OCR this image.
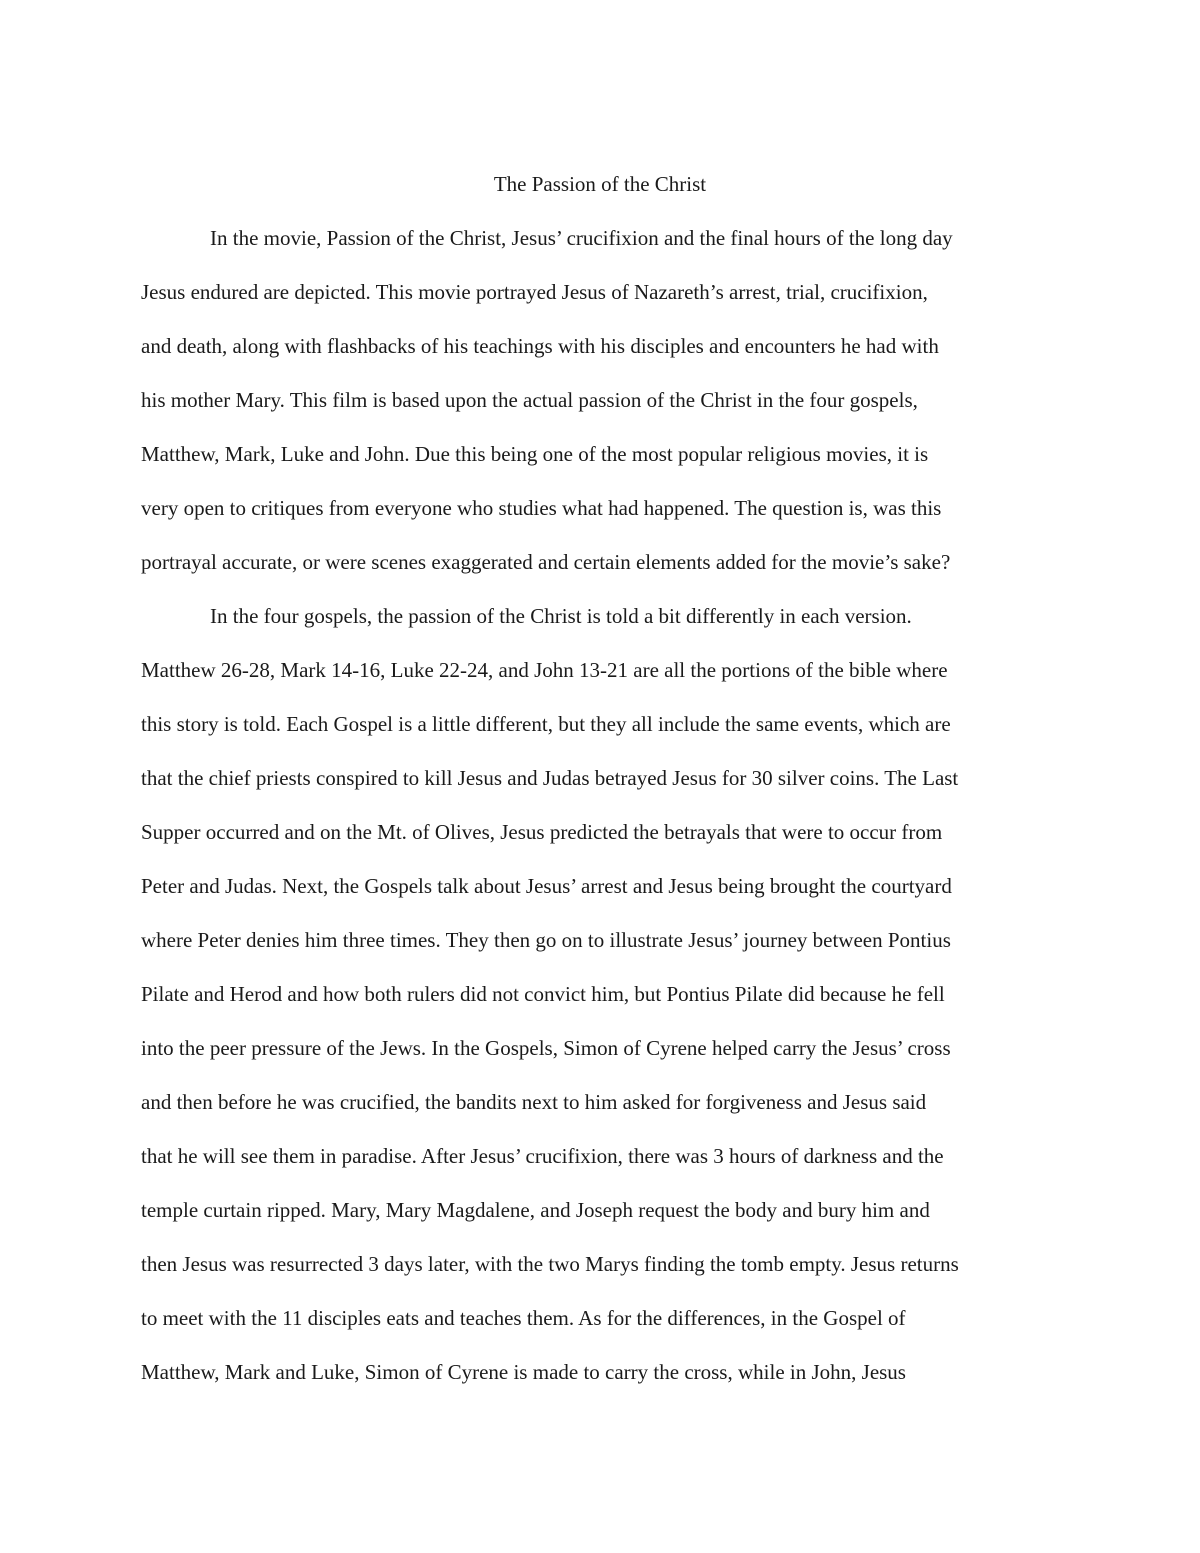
The Passion of the Christ

In the movie, Passion of the Christ, Jesus’ crucifixion and the final hours of the long day

Jesus endured are depicted. This movie portrayed Jesus of Nazareth’s arrest, trial, crucifixion,

and death, along with flashbacks of his teachings with his disciples and encounters he had with

his mother Mary. This film is based upon the actual passion of the Christ in the four gospels,

Matthew, Mark, Luke and John. Due this being one of the most popular religious movies, it is

very open to critiques from everyone who studies what had happened. The question is, was this

portrayal accurate, or were scenes exaggerated and certain elements added for the movie’s sake?

In the four gospels, the passion of the Christ is told a bit differently in each version.

Matthew 26-28, Mark 14-16, Luke 22-24, and John 13-21 are all the portions of the bible where

this story is told. Each Gospel is a little different, but they all include the same events, which are

that the chief priests conspired to kill Jesus and Judas betrayed Jesus for 30 silver coins. The Last

Supper occurred and on the Mt. of Olives, Jesus predicted the betrayals that were to occur from

Peter and Judas. Next, the Gospels talk about Jesus’ arrest and Jesus being brought the courtyard

where Peter denies him three times. They then go on to illustrate Jesus’ journey between Pontius

Pilate and Herod and how both rulers did not convict him, but Pontius Pilate did because he fell

into the peer pressure of the Jews. In the Gospels, Simon of Cyrene helped carry the Jesus’ cross

and then before he was crucified, the bandits next to him asked for forgiveness and Jesus said

that he will see them in paradise. After Jesus’ crucifixion, there was 3 hours of darkness and the

temple curtain ripped. Mary, Mary Magdalene, and Joseph request the body and bury him and

then Jesus was resurrected 3 days later, with the two Marys finding the tomb empty. Jesus returns

to meet with the 11 disciples eats and teaches them. As for the differences, in the Gospel of

Matthew, Mark and Luke, Simon of Cyrene is made to carry the cross, while in John, Jesus
